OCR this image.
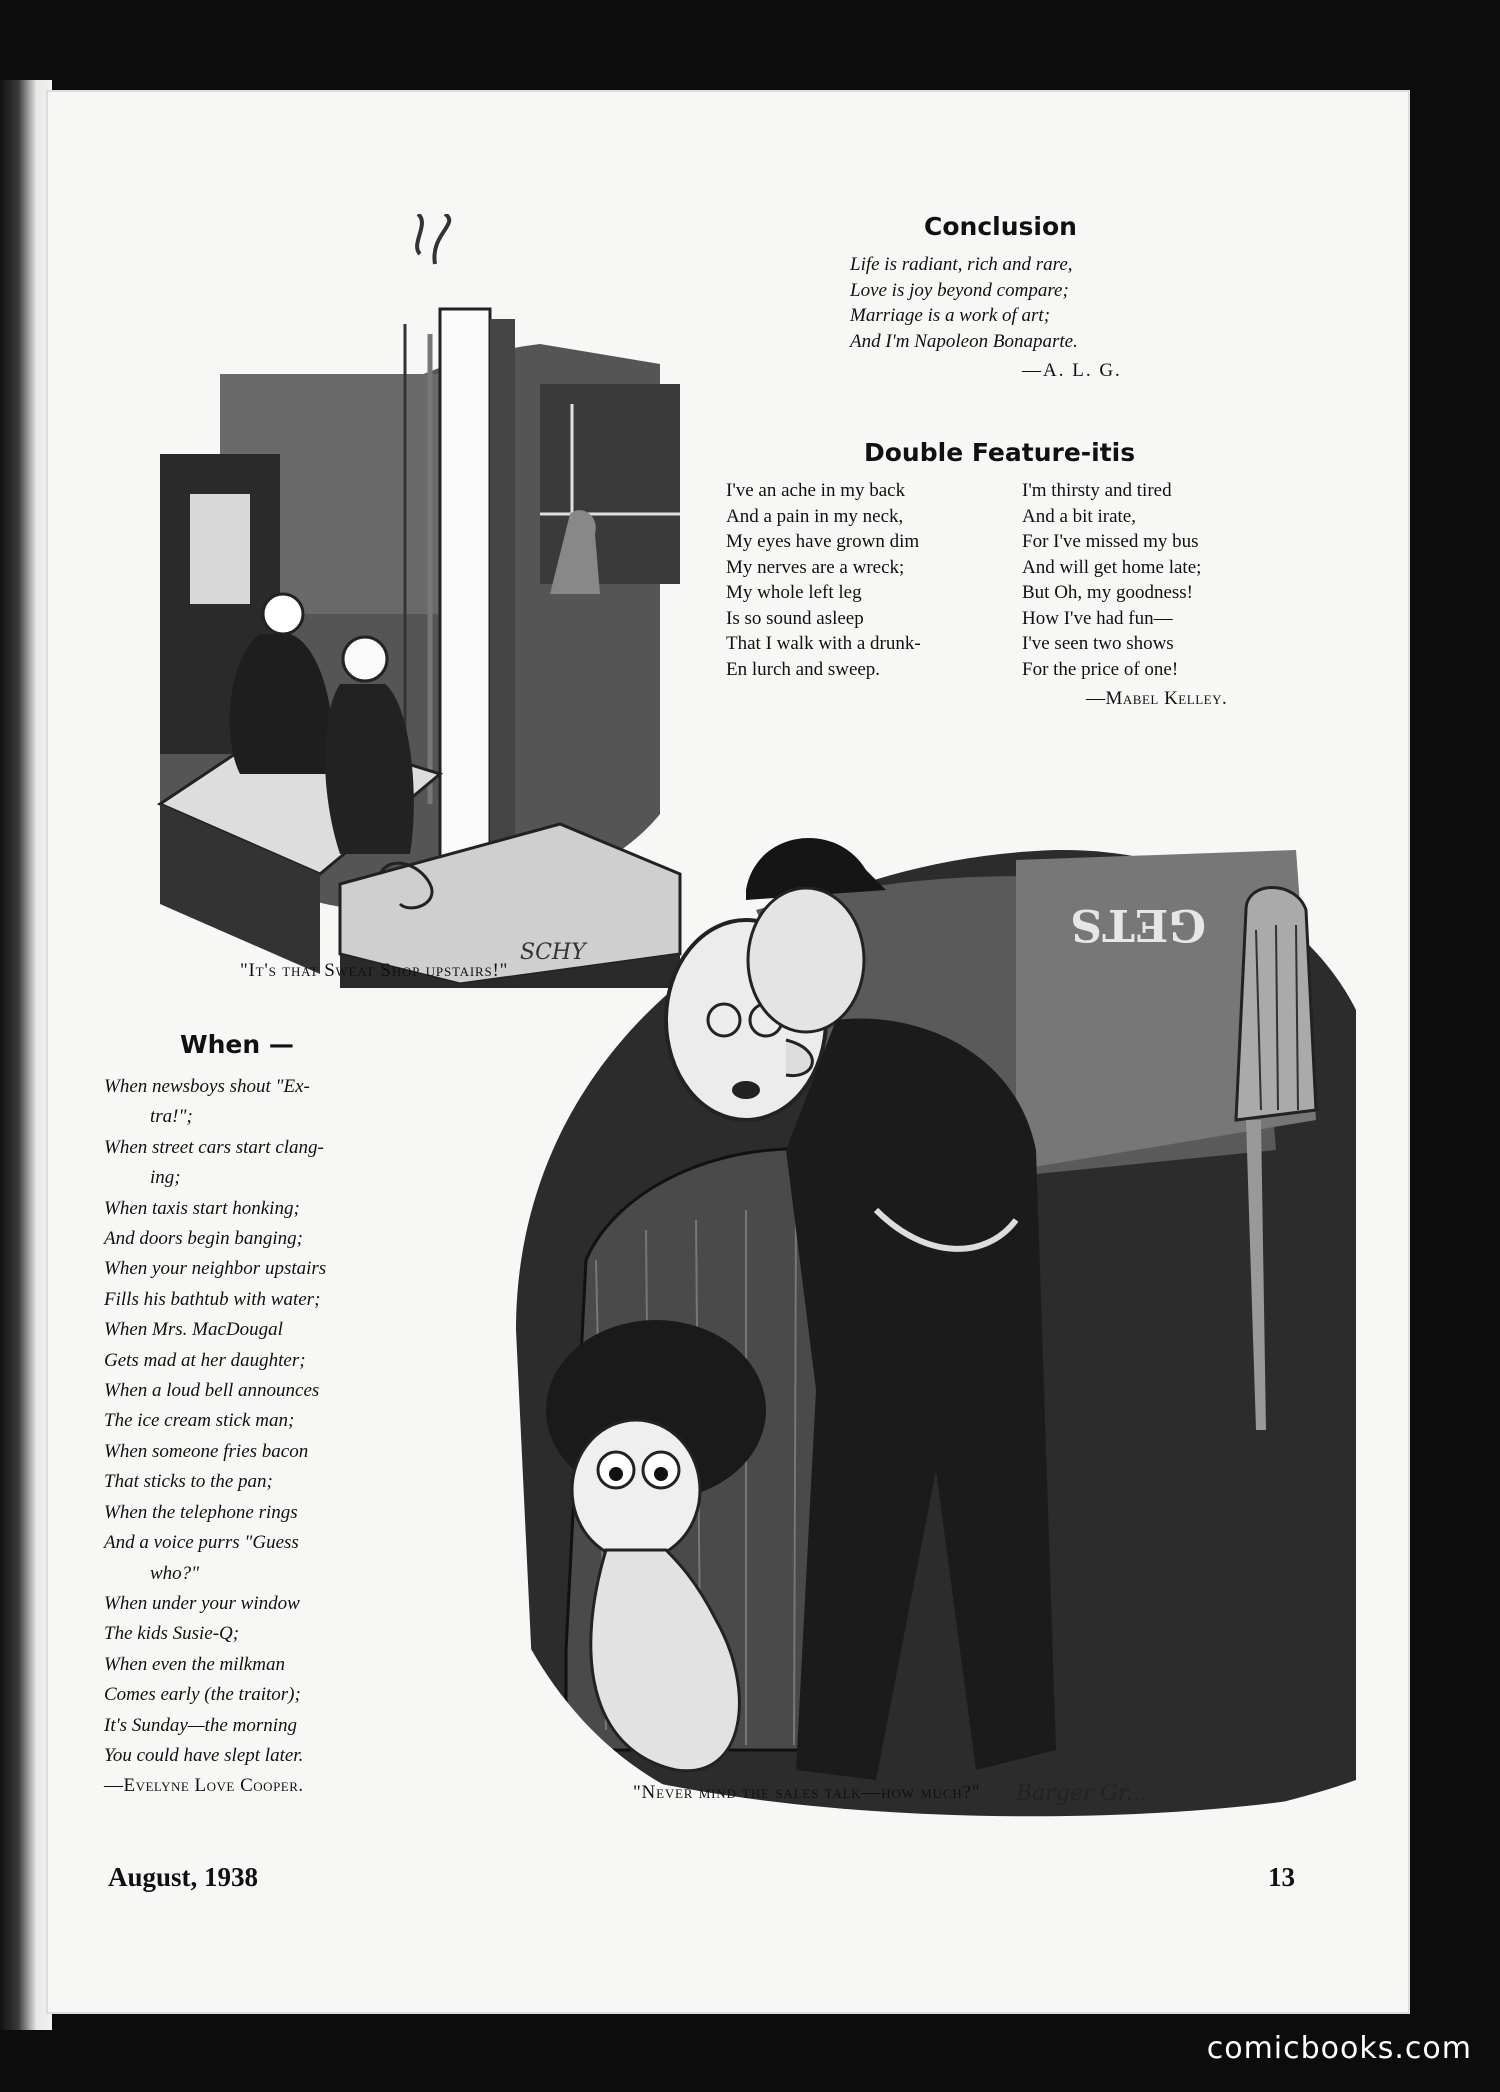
SCHY
"It's that Sweat Shop upstairs!"
Conclusion
Life is radiant, rich and rare,
Love is joy beyond compare;
Marriage is a work of art;
And I'm Napoleon Bonaparte.
—A. L. G.
Double Feature-itis
I've an ache in my back
And a pain in my neck,
My eyes have grown dim
My nerves are a wreck;
My whole left leg
Is so sound asleep
That I walk with a drunk-
En lurch and sweep.
I'm thirsty and tired
And a bit irate,
For I've missed my bus
And will get home late;
But Oh, my goodness!
How I've had fun—
I've seen two shows
For the price of one!
—Mabel Kelley.
When —
When newsboys shout "Ex-
tra!";
When street cars start clang-
ing;
When taxis start honking;
And doors begin banging;
When your neighbor upstairs
Fills his bathtub with water;
When Mrs. MacDougal
Gets mad at her daughter;
When a loud bell announces
The ice cream stick man;
When someone fries bacon
That sticks to the pan;
When the telephone rings
And a voice purrs "Guess
who?"
When under your window
The kids Susie-Q;
When even the milkman
Comes early (the traitor);
It's Sunday—the morning
You could have slept later.
—Evelyne Love Cooper.
GETS
Barger Gr...
"Never mind the sales talk—how much?"
August, 1938	13
comicbooks.com
